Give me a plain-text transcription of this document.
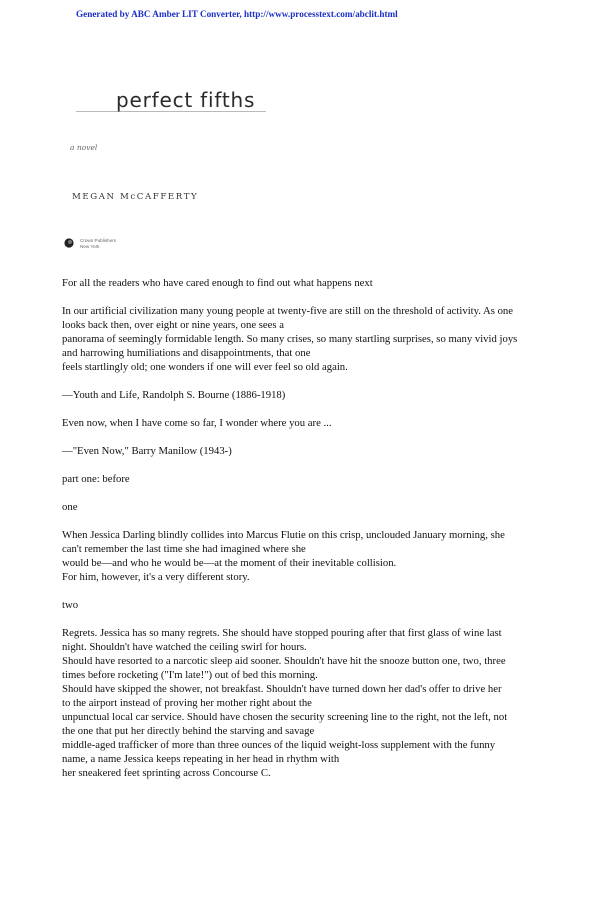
Generated by ABC Amber LIT Converter, http://www.processtext.com/abclit.html
perfect fifths
a novel
MEGAN McCAFFERTY
Crown Publishers
New York

For all the readers who have cared enough to find out what happens next

In our artificial civilization many young people at twenty-five are still on the threshold of activity. As one

looks back then, over eight or nine years, one sees a

panorama of seemingly formidable length. So many crises, so many startling surprises, so many vivid joys

and harrowing humiliations and disappointments, that one

feels startlingly old; one wonders if one will ever feel so old again.

—Youth and Life, Randolph S. Bourne (1886-1918)

Even now, when I have come so far, I wonder where you are ...

—"Even Now," Barry Manilow (1943-)

part one: before

one

When Jessica Darling blindly collides into Marcus Flutie on this crisp, unclouded January morning, she

can't remember the last time she had imagined where she

would be—and who he would be—at the moment of their inevitable collision.

For him, however, it's a very different story.

two

Regrets. Jessica has so many regrets. She should have stopped pouring after that first glass of wine last

night. Shouldn't have watched the ceiling swirl for hours.

Should have resorted to a narcotic sleep aid sooner. Shouldn't have hit the snooze button one, two, three

times before rocketing ("I'm late!") out of bed this morning.

Should have skipped the shower, not breakfast. Shouldn't have turned down her dad's offer to drive her

to the airport instead of proving her mother right about the

unpunctual local car service. Should have chosen the security screening line to the right, not the left, not

the one that put her directly behind the starving and savage

middle-aged trafficker of more than three ounces of the liquid weight-loss supplement with the funny

name, a name Jessica keeps repeating in her head in rhythm with

her sneakered feet sprinting across Concourse C.
